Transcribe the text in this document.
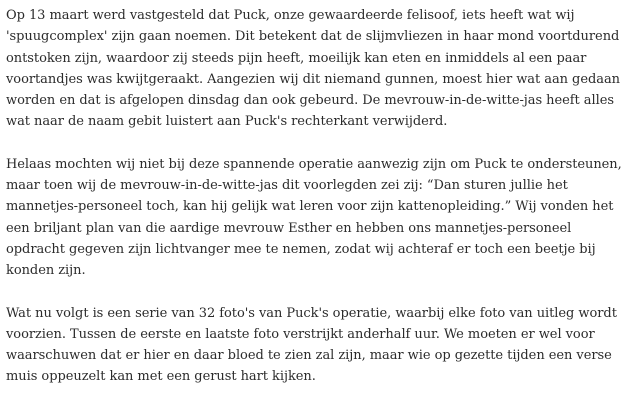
Op 13 maart werd vastgesteld dat Puck, onze gewaardeerde felisoof, iets heeft wat wij
'spuugcomplex' zijn gaan noemen. Dit betekent dat de slijmvliezen in haar mond voortdurend
ontstoken zijn, waardoor zij steeds pijn heeft, moeilijk kan eten en inmiddels al een paar
voortandjes was kwijtgeraakt. Aangezien wij dit niemand gunnen, moest hier wat aan gedaan
worden en dat is afgelopen dinsdag dan ook gebeurd. De mevrouw-in-de-witte-jas heeft alles
wat naar de naam gebit luistert aan Puck's rechterkant verwijderd.

Helaas mochten wij niet bij deze spannende operatie aanwezig zijn om Puck te ondersteunen,
maar toen wij de mevrouw-in-de-witte-jas dit voorlegden zei zij: “Dan sturen jullie het
mannetjes-personeel toch, kan hij gelijk wat leren voor zijn kattenopleiding.” Wij vonden het
een briljant plan van die aardige mevrouw Esther en hebben ons mannetjes-personeel
opdracht gegeven zijn lichtvanger mee te nemen, zodat wij achteraf er toch een beetje bij
konden zijn.

Wat nu volgt is een serie van 32 foto's van Puck's operatie, waarbij elke foto van uitleg wordt
voorzien. Tussen de eerste en laatste foto verstrijkt anderhalf uur. We moeten er wel voor
waarschuwen dat er hier en daar bloed te zien zal zijn, maar wie op gezette tijden een verse
muis oppeuzelt kan met een gerust hart kijken.
